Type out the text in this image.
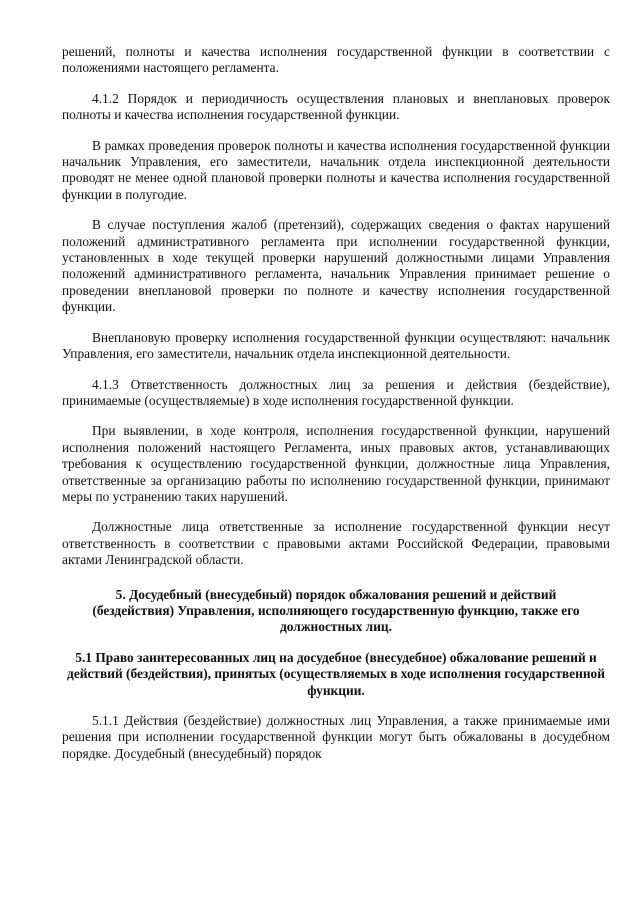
решений, полноты и качества исполнения государственной функции в соответствии с положениями настоящего регламента.

4.1.2 Порядок и периодичность осуществления плановых и внеплановых проверок полноты и качества исполнения государственной функции.

В рамках проведения проверок полноты и качества исполнения государственной функции начальник Управления, его заместители, начальник отдела инспекционной деятельности проводят не менее одной плановой проверки полноты и качества исполнения государственной функции в полугодие.

В случае поступления жалоб (претензий), содержащих сведения о фактах нарушений положений административного регламента при исполнении государственной функции, установленных в ходе текущей проверки нарушений должностными лицами Управления положений административного регламента, начальник Управления принимает решение о проведении внеплановой проверки по полноте и качеству исполнения государственной функции.

Внеплановую проверку исполнения государственной функции осуществляют: начальник Управления, его заместители, начальник отдела инспекционной деятельности.

4.1.3 Ответственность должностных лиц за решения и действия (бездействие), принимаемые (осуществляемые) в ходе исполнения государственной функции.

При выявлении, в ходе контроля, исполнения государственной функции, нарушений исполнения положений настоящего Регламента, иных правовых актов, устанавливающих требования к осуществлению государственной функции, должностные лица Управления, ответственные за организацию работы по исполнению государственной функции, принимают меры по устранению таких нарушений.

Должностные лица ответственные за исполнение государственной функции несут ответственность в соответствии с правовыми актами Российской Федерации, правовыми актами Ленинградской области.

5. Досудебный (внесудебный) порядок обжалования решений и действий (бездействия) Управления, исполняющего государственную функцию, также его должностных лиц.
5.1 Право заинтересованных лиц на досудебное (внесудебное) обжалование решений и действий (бездействия), принятых (осуществляемых в ходе исполнения государственной функции.

5.1.1 Действия (бездействие) должностных лиц Управления, а также принимаемые ими решения при исполнении государственной функции могут быть обжалованы в досудебном порядке. Досудебный (внесудебный) порядок
